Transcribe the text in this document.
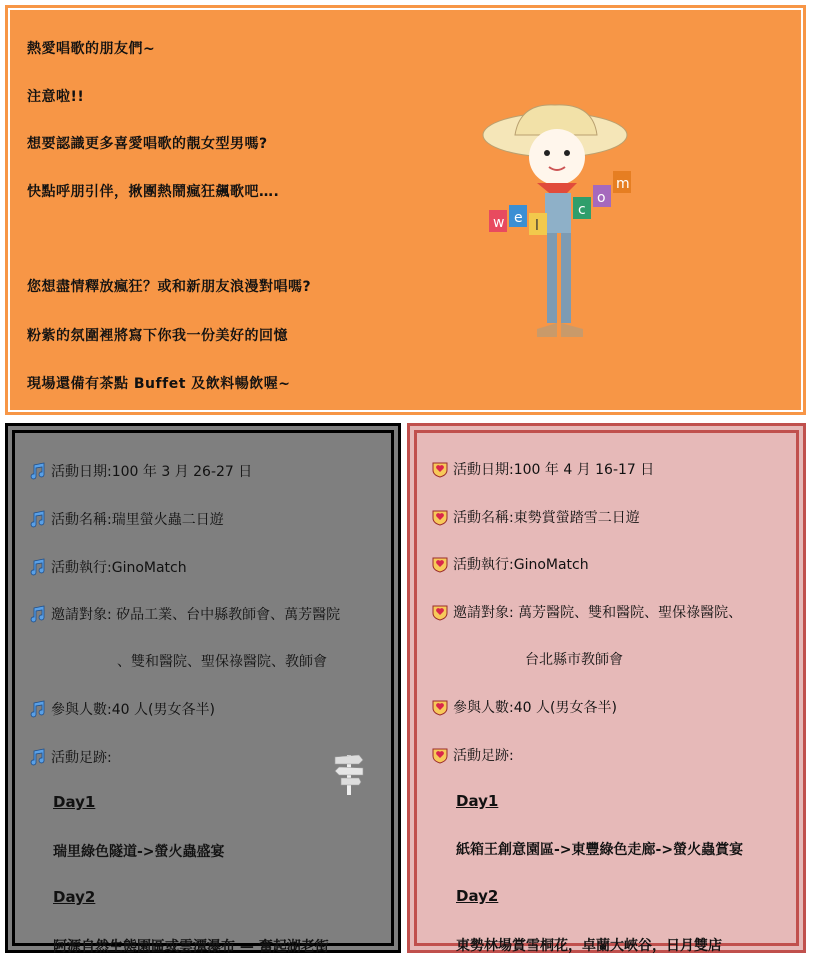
熱愛唱歌的朋友們~
注意啦!!
想要認識更多喜愛唱歌的靚女型男嗎?
快點呼朋引伴，揪團熱鬧瘋狂飆歌吧….
您想盡情釋放瘋狂？或和新朋友浪漫對唱嗎?
粉紫的氛圍裡將寫下你我一份美好的回憶
現場還備有茶點 Buffet 及飲料暢飲喔~
w e l
c
o
m
活動日期:100 年 3 月 26-27 日
活動名稱:瑞里螢火蟲二日遊
活動執行:GinoMatch
邀請對象: 矽品工業、台中縣教師會、萬芳醫院
、雙和醫院、聖保祿醫院、教師會
參與人數:40 人(男女各半)
活動足跡:
Day1
瑞里綠色隧道->螢火蟲盛宴
Day2
阿源自然生態園區或雲潭瀑布 — 奮起湖老街
活動日期:100 年 4 月 16-17 日
活動名稱:東勢賞螢踏雪二日遊
活動執行:GinoMatch
邀請對象: 萬芳醫院、雙和醫院、聖保祿醫院、
台北縣市教師會
參與人數:40 人(男女各半)
活動足跡:
Day1
紙箱王創意園區->東豐綠色走廊->螢火蟲賞宴
Day2
東勢林場賞雪桐花，卓蘭大峽谷，日月雙店
